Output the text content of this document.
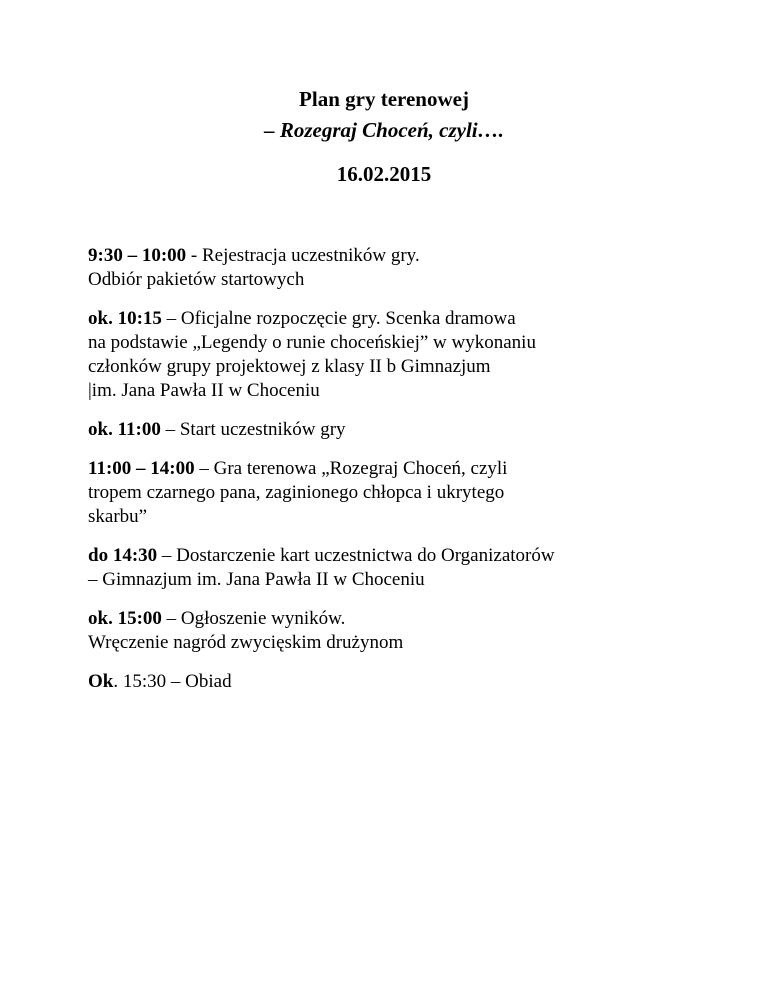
Plan gry terenowej
– Rozegraj Choceń, czyli….
16.02.2015
9:30 – 10:00 - Rejestracja uczestników gry.
Odbiór pakietów startowych
ok. 10:15 – Oficjalne rozpoczęcie gry. Scenka dramowa
na podstawie „Legendy o runie choceńskiej” w wykonaniu
członków grupy projektowej z klasy II b Gimnazjum
|im. Jana Pawła II w Choceniu
ok. 11:00 – Start uczestników gry
11:00 – 14:00 – Gra terenowa „Rozegraj Choceń, czyli
tropem czarnego pana, zaginionego chłopca i ukrytego
skarbu”
do 14:30 – Dostarczenie kart uczestnictwa do Organizatorów
– Gimnazjum im. Jana Pawła II w Choceniu
ok. 15:00 – Ogłoszenie wyników.
Wręczenie nagród zwycięskim drużynom
Ok. 15:30 – Obiad
